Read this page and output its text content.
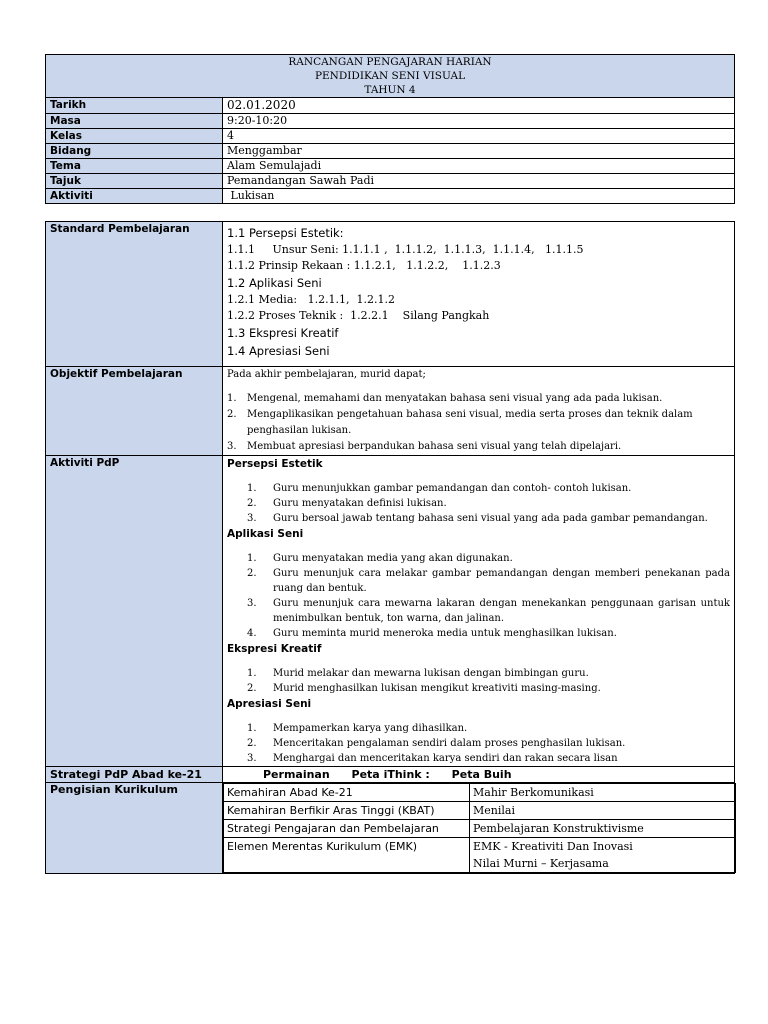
RANCANGAN PENGAJARAN HARIAN
PENDIDIKAN SENI VISUAL
TAHUN 4	

Tarikh	02.01.2020
Masa	9:20-10:20
Kelas	4
Bidang	Menggambar
Tema	Alam Semulajadi
Tajuk	Pemandangan Sawah Padi
Aktiviti	Lukisan
Standard Pembelajaran	1.1 Persepsi Estetik:
1.1.1     Unsur Seni: 1.1.1.1 ,  1.1.1.2,  1.1.1.3,  1.1.1.4,   1.1.1.5
1.1.2 Prinsip Rekaan : 1.1.2.1,   1.1.2.2,    1.1.2.3
1.2 Aplikasi Seni
1.2.1 Media:   1.2.1.1,  1.2.1.2
1.2.2 Proses Teknik :  1.2.2.1    Silang Pangkah
1.3 Ekspresi Kreatif
1.4 Apresiasi Seni

Objektif Pembelajaran	Pada akhir pembelajaran, murid dapat;
1.	Mengenal, memahami dan menyatakan bahasa seni visual yang ada pada lukisan.
2.	Mengaplikasikan pengetahuan bahasa seni visual, media serta proses dan teknik dalam penghasilan lukisan.
3.	Membuat apresiasi berpandukan bahasa seni visual yang telah dipelajari.

Aktiviti PdP	Persepsi Estetik
1.	Guru menunjukkan gambar pemandangan dan contoh- contoh lukisan.
2.	Guru menyatakan definisi lukisan.
3.	Guru bersoal jawab tentang bahasa seni visual yang ada pada gambar pemandangan.
Aplikasi Seni
1.	Guru menyatakan media yang akan digunakan.
2.	Guru menunjuk cara melakar gambar pemandangan dengan memberi penekanan pada ruang dan bentuk.
3.	Guru menunjuk cara mewarna lakaran dengan menekankan penggunaan garisan untuk menimbulkan bentuk, ton warna, dan jalinan.
4.	Guru meminta murid meneroka media untuk menghasilkan lukisan.
Ekspresi Kreatif
1.	Murid melakar dan mewarna lukisan dengan bimbingan guru.
2.	Murid menghasilkan lukisan mengikut kreativiti masing-masing.
Apresiasi Seni
1.	Mempamerkan karya yang dihasilkan.
2.	Menceritakan pengalaman sendiri dalam proses penghasilan lukisan.
3.	Menghargai dan menceritakan karya sendiri dan rakan secara lisan

Strategi PdP Abad ke-21	Permainan Peta iThink : Peta Buih
Pengisian Kurikulum		Kemahiran Abad Ke-21	Mahir Berkomunikasi

Kemahiran Berfikir Aras Tinggi (KBAT)	Menilai

Strategi Pengajaran dan Pembelajaran	Pembelajaran Konstruktivisme

Elemen Merentas Kurikulum (EMK)	EMK - Kreativiti Dan Inovasi
Nilai Murni – Kerjasama
